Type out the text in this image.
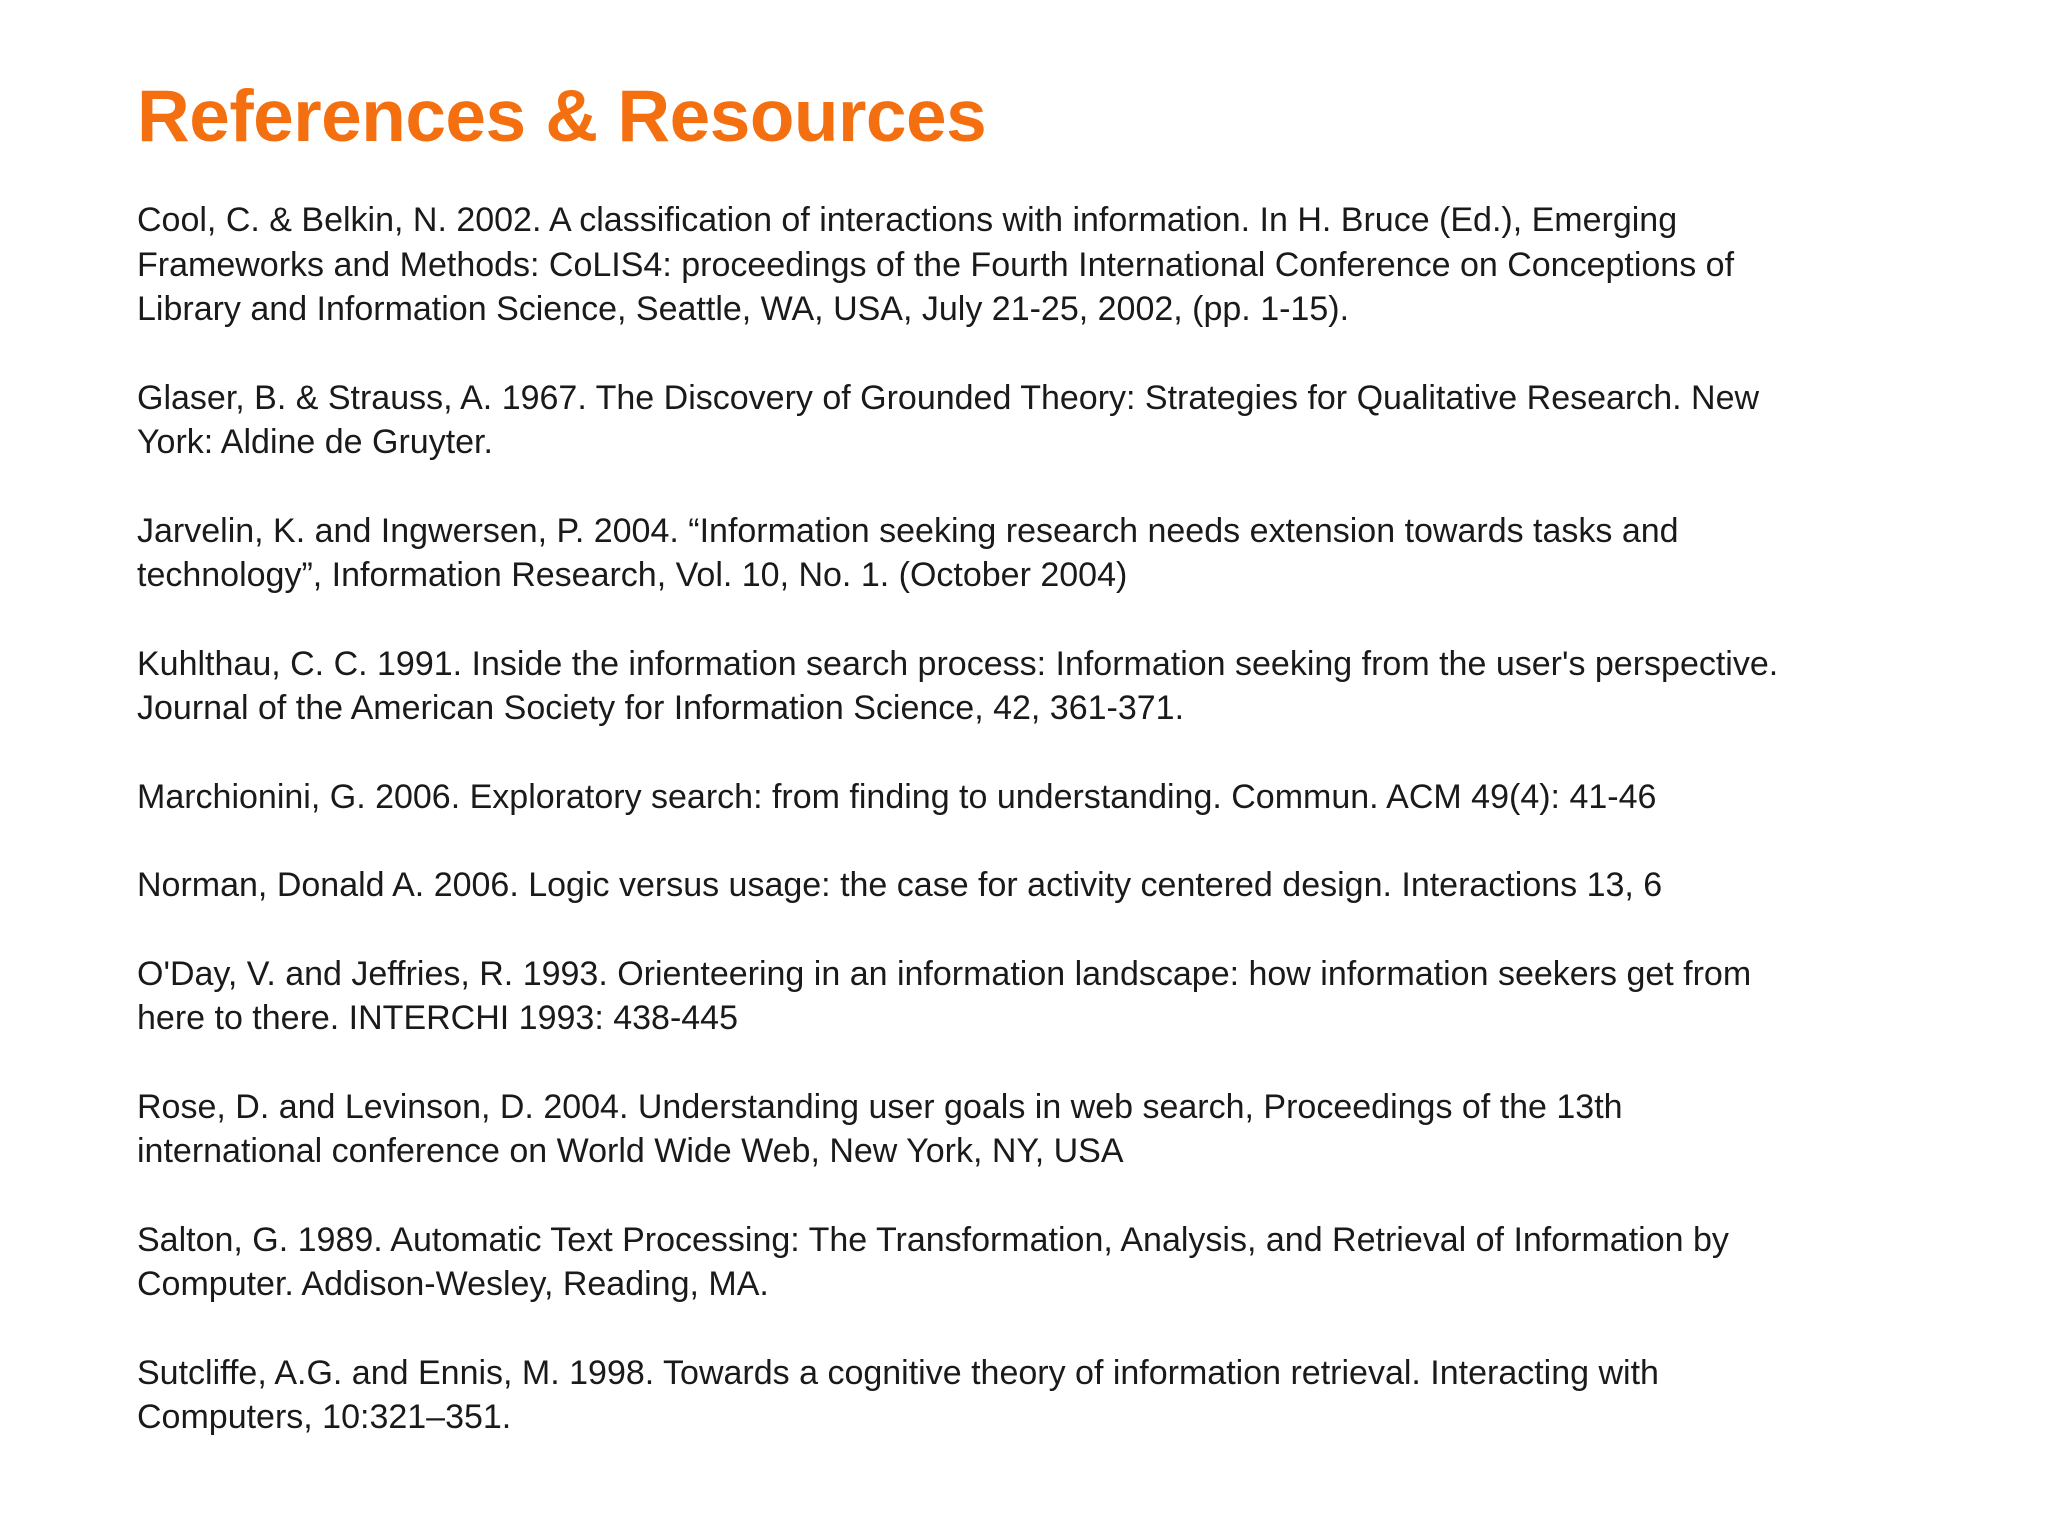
References & Resources
Cool, C. & Belkin, N. 2002. A classification of interactions with information. In H. Bruce (Ed.), Emerging
Frameworks and Methods: CoLIS4: proceedings of the Fourth International Conference on Conceptions of
Library and Information Science, Seattle, WA, USA, July 21-25, 2002, (pp. 1-15).
Glaser, B. & Strauss, A. 1967. The Discovery of Grounded Theory: Strategies for Qualitative Research. New
York: Aldine de Gruyter.
Jarvelin, K. and Ingwersen, P. 2004. “Information seeking research needs extension towards tasks and
technology”, Information Research, Vol. 10, No. 1. (October 2004)
Kuhlthau, C. C. 1991. Inside the information search process: Information seeking from the user's perspective.
Journal of the American Society for Information Science, 42, 361-371.
Marchionini, G. 2006. Exploratory search: from finding to understanding. Commun. ACM 49(4): 41-46
Norman, Donald A. 2006. Logic versus usage: the case for activity centered design. Interactions 13, 6
O'Day, V. and Jeffries, R. 1993. Orienteering in an information landscape: how information seekers get from
here to there. INTERCHI 1993: 438-445
Rose, D. and Levinson, D. 2004. Understanding user goals in web search, Proceedings of the 13th
international conference on World Wide Web, New York, NY, USA
Salton, G. 1989. Automatic Text Processing: The Transformation, Analysis, and Retrieval of Information by
Computer. Addison-Wesley, Reading, MA.
Sutcliffe, A.G. and Ennis, M. 1998. Towards a cognitive theory of information retrieval. Interacting with
Computers, 10:321–351.
